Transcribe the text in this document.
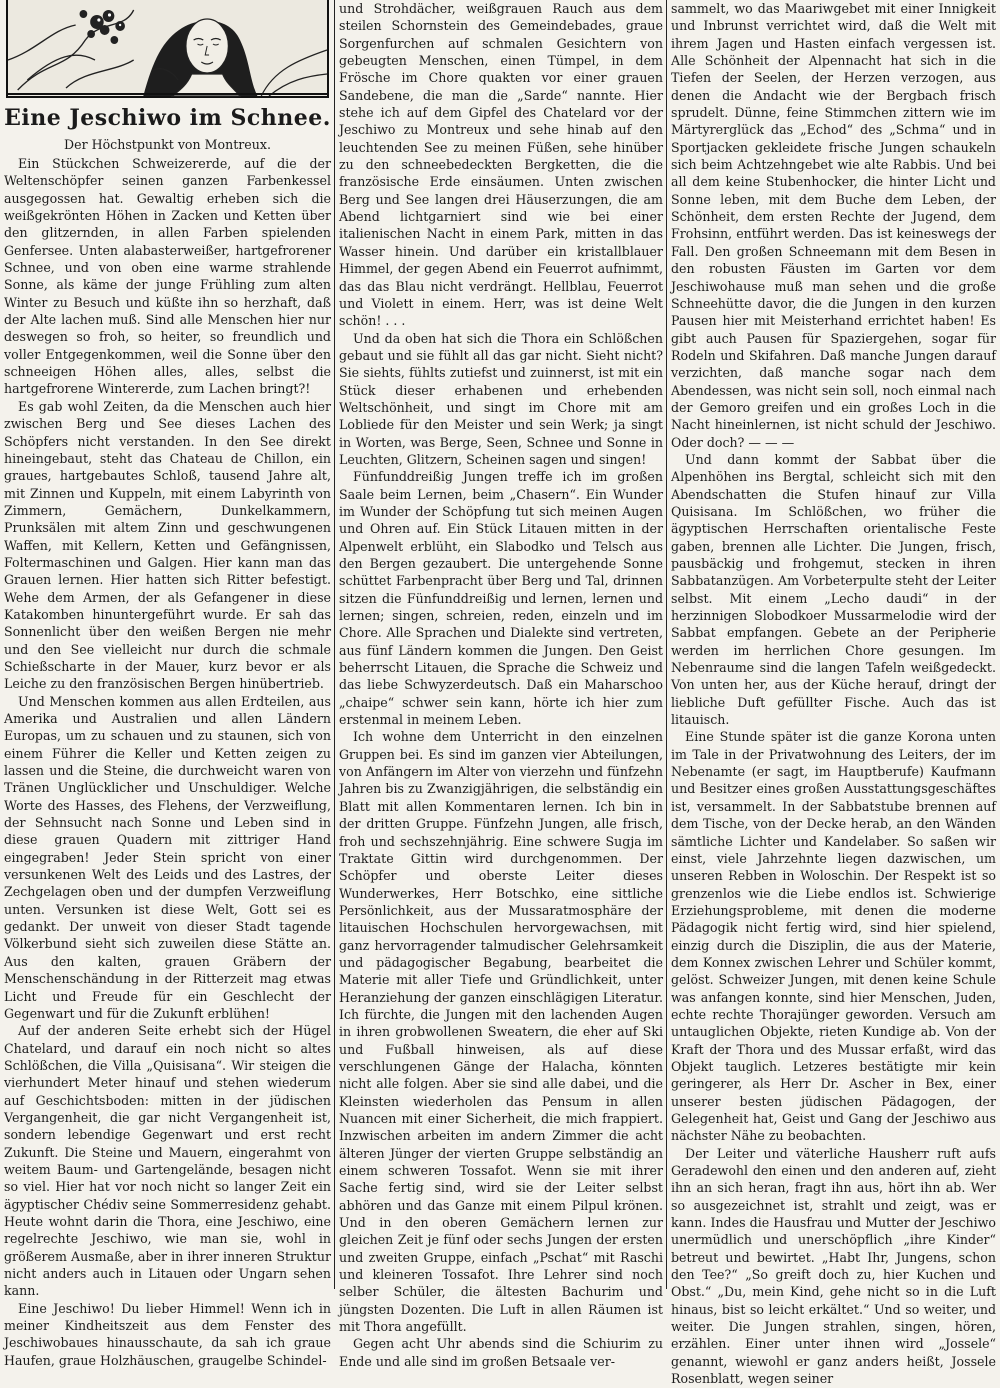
Eine Jeschiwo im Schnee.
Der Höchstpunkt von Montreux.

Ein Stückchen Schweizererde, auf die der Weltenschöpfer seinen ganzen Farbenkessel ausgegossen hat. Gewaltig erheben sich die weißgekrönten Höhen in Zacken und Ketten über den glitzernden, in allen Farben spielenden Genfersee. Unten alabasterweißer, hartgefrorener Schnee, und von oben eine warme strahlende Sonne, als käme der junge Frühling zum alten Winter zu Besuch und küßte ihn so herzhaft, daß der Alte lachen muß. Sind alle Menschen hier nur deswegen so froh, so heiter, so freundlich und voller Entgegenkommen, weil die Sonne über den schneeigen Höhen alles, alles, selbst die hartgefrorene Wintererde, zum Lachen bringt?!

Es gab wohl Zeiten, da die Menschen auch hier zwischen Berg und See dieses Lachen des Schöpfers nicht verstanden. In den See direkt hineingebaut, steht das Chateau de Chillon, ein graues, hartgebautes Schloß, tausend Jahre alt, mit Zinnen und Kuppeln, mit einem Labyrinth von Zimmern, Gemächern, Dunkelkammern, Prunksälen mit altem Zinn und geschwungenen Waffen, mit Kellern, Ketten und Gefängnissen, Foltermaschinen und Galgen. Hier kann man das Grauen lernen. Hier hatten sich Ritter befestigt. Wehe dem Armen, der als Gefangener in diese Katakomben hinuntergeführt wurde. Er sah das Sonnenlicht über den weißen Bergen nie mehr und den See vielleicht nur durch die schmale Schießscharte in der Mauer, kurz bevor er als Leiche zu den französischen Bergen hinübertrieb.

Und Menschen kommen aus allen Erdteilen, aus Amerika und Australien und allen Ländern Europas, um zu schauen und zu staunen, sich von einem Führer die Keller und Ketten zeigen zu lassen und die Steine, die durchweicht waren von Tränen Unglücklicher und Unschuldiger. Welche Worte des Hasses, des Flehens, der Verzweiflung, der Sehnsucht nach Sonne und Leben sind in diese grauen Quadern mit zittriger Hand eingegraben! Jeder Stein spricht von einer versunkenen Welt des Leids und des Lastres, der Zechgelagen oben und der dumpfen Verzweiflung unten. Versunken ist diese Welt, Gott sei es gedankt. Der unweit von dieser Stadt tagende Völkerbund sieht sich zuweilen diese Stätte an. Aus den kalten, grauen Gräbern der Menschenschändung in der Ritterzeit mag etwas Licht und Freude für ein Geschlecht der Gegenwart und für die Zukunft erblühen!

Auf der anderen Seite erhebt sich der Hügel Chatelard, und darauf ein noch nicht so altes Schlößchen, die Villa „Quisisana“. Wir steigen die vierhundert Meter hinauf und stehen wiederum auf Geschichtsboden: mitten in der jüdischen Vergangenheit, die gar nicht Vergangenheit ist, sondern lebendige Gegenwart und erst recht Zukunft. Die Steine und Mauern, eingerahmt von weitem Baum- und Gartengelände, besagen nicht so viel. Hier hat vor noch nicht so langer Zeit ein ägyptischer Chédiv seine Sommerresidenz gehabt. Heute wohnt darin die Thora, eine Jeschiwo, eine regelrechte Jeschiwo, wie man sie, wohl in größerem Ausmaße, aber in ihrer inneren Struktur nicht anders auch in Litauen oder Ungarn sehen kann.

Eine Jeschiwo! Du lieber Himmel! Wenn ich in meiner Kindheitszeit aus dem Fenster des Jeschiwobaues hinausschaute, da sah ich graue Haufen, graue Holzhäuschen, graugelbe Schindel-

und Strohdächer, weißgrauen Rauch aus dem steilen Schornstein des Gemeindebades, graue Sorgenfurchen auf schmalen Gesichtern von gebeugten Menschen, einen Tümpel, in dem Frösche im Chore quakten vor einer grauen Sandebene, die man die „Sarde“ nannte. Hier stehe ich auf dem Gipfel des Chatelard vor der Jeschiwo zu Montreux und sehe hinab auf den leuchtenden See zu meinen Füßen, sehe hinüber zu den schneebedeckten Bergketten, die die französische Erde einsäumen. Unten zwischen Berg und See langen drei Häuserzungen, die am Abend lichtgarniert sind wie bei einer italienischen Nacht in einem Park, mitten in das Wasser hinein. Und darüber ein kristallblauer Himmel, der gegen Abend ein Feuerrot aufnimmt, das das Blau nicht verdrängt. Hellblau, Feuerrot und Violett in einem. Herr, was ist deine Welt schön! . . .

Und da oben hat sich die Thora ein Schlößchen gebaut und sie fühlt all das gar nicht. Sieht nicht? Sie siehts, fühlts zutiefst und zuinnerst, ist mit ein Stück dieser erhabenen und erhebenden Weltschönheit, und singt im Chore mit am Lobliede für den Meister und sein Werk; ja singt in Worten, was Berge, Seen, Schnee und Sonne in Leuchten, Glitzern, Scheinen sagen und singen!

Fünfunddreißig Jungen treffe ich im großen Saale beim Lernen, beim „Chasern“. Ein Wunder im Wunder der Schöpfung tut sich meinen Augen und Ohren auf. Ein Stück Litauen mitten in der Alpenwelt erblüht, ein Slabodko und Telsch aus den Bergen gezaubert. Die untergehende Sonne schüttet Farbenpracht über Berg und Tal, drinnen sitzen die Fünfunddreißig und lernen, lernen und lernen; singen, schreien, reden, einzeln und im Chore. Alle Sprachen und Dialekte sind vertreten, aus fünf Ländern kommen die Jungen. Den Geist beherrscht Litauen, die Sprache die Schweiz und das liebe Schwyzerdeutsch. Daß ein Maharschoo „chaipe“ schwer sein kann, hörte ich hier zum erstenmal in meinem Leben.

Ich wohne dem Unterricht in den einzelnen Gruppen bei. Es sind im ganzen vier Abteilungen, von Anfängern im Alter von vierzehn und fünfzehn Jahren bis zu Zwanzigjährigen, die selbständig ein Blatt mit allen Kommentaren lernen. Ich bin in der dritten Gruppe. Fünfzehn Jungen, alle frisch, froh und sechszehnjährig. Eine schwere Sugja im Traktate Gittin wird durchgenommen. Der Schöpfer und oberste Leiter dieses Wunderwerkes, Herr Botschko, eine sittliche Persönlichkeit, aus der Mussaratmosphäre der litauischen Hochschulen hervorgewachsen, mit ganz hervorragender talmudischer Gelehrsamkeit und pädagogischer Begabung, bearbeitet die Materie mit aller Tiefe und Gründlichkeit, unter Heranziehung der ganzen einschlägigen Literatur. Ich fürchte, die Jungen mit den lachenden Augen in ihren grobwollenen Sweatern, die eher auf Ski und Fußball hinweisen, als auf diese verschlungenen Gänge der Halacha, könnten nicht alle folgen. Aber sie sind alle dabei, und die Kleinsten wiederholen das Pensum in allen Nuancen mit einer Sicherheit, die mich frappiert. Inzwischen arbeiten im andern Zimmer die acht älteren Jünger der vierten Gruppe selbständig an einem schweren Tossafot. Wenn sie mit ihrer Sache fertig sind, wird sie der Leiter selbst abhören und das Ganze mit einem Pilpul krönen. Und in den oberen Gemächern lernen zur gleichen Zeit je fünf oder sechs Jungen der ersten und zweiten Gruppe, einfach „Pschat“ mit Raschi und kleineren Tossafot. Ihre Lehrer sind noch selber Schüler, die ältesten Bachurim und jüngsten Dozenten. Die Luft in allen Räumen ist mit Thora angefüllt.

Gegen acht Uhr abends sind die Schiurim zu Ende und alle sind im großen Betsaale ver-

sammelt, wo das Maariwgebet mit einer Innigkeit und Inbrunst verrichtet wird, daß die Welt mit ihrem Jagen und Hasten einfach vergessen ist. Alle Schönheit der Alpennacht hat sich in die Tiefen der Seelen, der Herzen verzogen, aus denen die Andacht wie der Bergbach frisch sprudelt. Dünne, feine Stimmchen zittern wie im Märtyrerglück das „Echod“ des „Schma“ und in Sportjacken gekleidete frische Jungen schaukeln sich beim Achtzehngebet wie alte Rabbis. Und bei all dem keine Stubenhocker, die hinter Licht und Sonne leben, mit dem Buche dem Leben, der Schönheit, dem ersten Rechte der Jugend, dem Frohsinn, entführt werden. Das ist keineswegs der Fall. Den großen Schneemann mit dem Besen in den robusten Fäusten im Garten vor dem Jeschiwohause muß man sehen und die große Schneehütte davor, die die Jungen in den kurzen Pausen hier mit Meisterhand errichtet haben! Es gibt auch Pausen für Spaziergehen, sogar für Rodeln und Skifahren. Daß manche Jungen darauf verzichten, daß manche sogar nach dem Abendessen, was nicht sein soll, noch einmal nach der Gemoro greifen und ein großes Loch in die Nacht hineinlernen, ist nicht schuld der Jeschiwo. Oder doch? — — —

Und dann kommt der Sabbat über die Alpenhöhen ins Bergtal, schleicht sich mit den Abendschatten die Stufen hinauf zur Villa Quisisana. Im Schlößchen, wo früher die ägyptischen Herrschaften orientalische Feste gaben, brennen alle Lichter. Die Jungen, frisch, pausbäckig und frohgemut, stecken in ihren Sabbatanzügen. Am Vorbeterpulte steht der Leiter selbst. Mit einem „Lecho daudi“ in der herzinnigen Slobodkoer Mussarmelodie wird der Sabbat empfangen. Gebete an der Peripherie werden im herrlichen Chore gesungen. Im Nebenraume sind die langen Tafeln weißgedeckt. Von unten her, aus der Küche herauf, dringt der liebliche Duft gefüllter Fische. Auch das ist litauisch.

Eine Stunde später ist die ganze Korona unten im Tale in der Privatwohnung des Leiters, der im Nebenamte (er sagt, im Hauptberufe) Kaufmann und Besitzer eines großen Ausstattungsgeschäftes ist, versammelt. In der Sabbatstube brennen auf dem Tische, von der Decke herab, an den Wänden sämtliche Lichter und Kandelaber. So saßen wir einst, viele Jahrzehnte liegen dazwischen, um unseren Rebben in Woloschin. Der Respekt ist so grenzenlos wie die Liebe endlos ist. Schwierige Erziehungsprobleme, mit denen die moderne Pädagogik nicht fertig wird, sind hier spielend, einzig durch die Disziplin, die aus der Materie, dem Konnex zwischen Lehrer und Schüler kommt, gelöst. Schweizer Jungen, mit denen keine Schule was anfangen konnte, sind hier Menschen, Juden, echte rechte Thorajünger geworden. Versuch am untauglichen Objekte, rieten Kundige ab. Von der Kraft der Thora und des Mussar erfaßt, wird das Objekt tauglich. Letzeres bestätigte mir kein geringerer, als Herr Dr. Ascher in Bex, einer unserer besten jüdischen Pädagogen, der Gelegenheit hat, Geist und Gang der Jeschiwo aus nächster Nähe zu beobachten.

Der Leiter und väterliche Hausherr ruft aufs Geradewohl den einen und den anderen auf, zieht ihn an sich heran, fragt ihn aus, hört ihn ab. Wer so ausgezeichnet ist, strahlt und zeigt, was er kann. Indes die Hausfrau und Mutter der Jeschiwo unermüdlich und unerschöpflich „ihre Kinder“ betreut und bewirtet. „Habt Ihr, Jungens, schon den Tee?“ „So greift doch zu, hier Kuchen und Obst.“ „Du, mein Kind, gehe nicht so in die Luft hinaus, bist so leicht erkältet.“ Und so weiter, und weiter. Die Jungen strahlen, singen, hören, erzählen. Einer unter ihnen wird „Jossele“ genannt, wiewohl er ganz anders heißt, Jossele Rosenblatt, wegen seiner
